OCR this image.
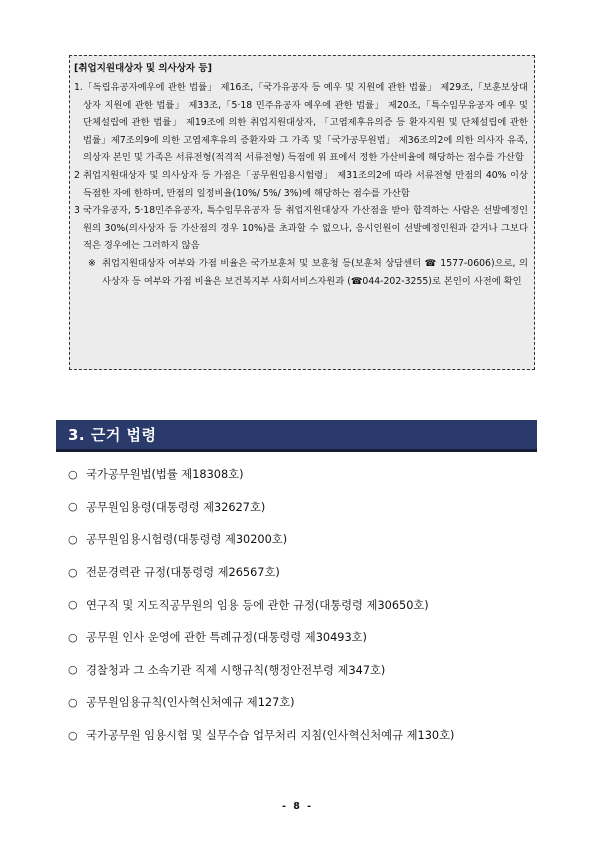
[취업지원대상자 및 의사상자 등]
1. 「독립유공자예우에 관한 법률」 제16조,「국가유공자 등 예우 및 지원에 관한 법률」 제29조,「보훈보상대상자 지원에 관한 법률」 제33조,「5·18 민주유공자 예우에 관한 법률」 제20조,「특수임무유공자 예우 및 단체설립에 관한 법률」 제19조에 의한 취업지원대상자, 「고엽제후유의증 등 환자지원 및 단체설립에 관한 법률」제7조의9에 의한 고엽제후유의 증환자와 그 가족 및「국가공무원법」 제36조의2에 의한 의사자 유족, 의상자 본인 및 가족은 서류전형(적격적 서류전형) 득점에 위 표에서 정한 가산비율에 해당하는 점수를 가산함
2 취업지원대상자 및 의사상자 등 가점은「공무원임용시험령」 제31조의2에 따라 서류전형 만점의 40% 이상 득점한 자에 한하며, 만점의 일정비율(10%/ 5%/ 3%)에 해당하는 점수를 가산함
3 국가유공자, 5·18민주유공자, 특수임무유공자 등 취업지원대상자 가산점을 받아 합격하는 사람은 선발예정인원의 30%(의사상자 등 가산점의 경우 10%)를 초과할 수 없으나, 응시인원이 선발예정인원과 같거나 그보다 적은 경우에는 그러하지 않음
※ 취업지원대상자 여부와 가점 비율은 국가보훈처 및 보훈청 등(보훈처 상담센터 ☎ 1577-0606)으로, 의사상자 등 여부와 가점 비율은 보건복지부 사회서비스자원과 (☎044-202-3255)로 본인이 사전에 확인
3. 근거 법령
○ 국가공무원법(법률 제18308호)
○ 공무원임용령(대통령령 제32627호)
○ 공무원임용시험령(대통령령 제30200호)
○ 전문경력관 규정(대통령령 제26567호)
○ 연구직 및 지도직공무원의 임용 등에 관한 규정(대통령령 제30650호)
○ 공무원 인사 운영에 관한 특례규정(대통령령 제30493호)
○ 경찰청과 그 소속기관 직제 시행규칙(행정안전부령 제347호)
○ 공무원임용규칙(인사혁신처예규 제127호)
○ 국가공무원 임용시험 및 실무수습 업무처리 지침(인사혁신처예규 제130호)
- 8 -
